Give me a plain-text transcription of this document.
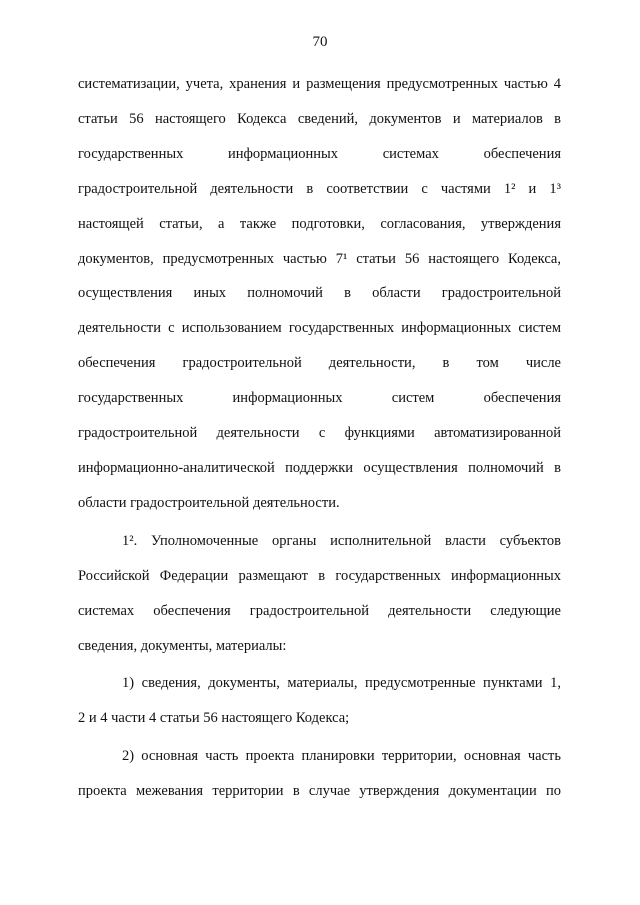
70

систематизации, учета, хранения и размещения предусмотренных частью 4
статьи 56 настоящего Кодекса сведений, документов и материалов в
государственных информационных системах обеспечения
градостроительной деятельности в соответствии с частями 1² и 1³
настоящей статьи, а также подготовки, согласования, утверждения
документов, предусмотренных частью 7¹ статьи 56 настоящего Кодекса,
осуществления иных полномочий в области градостроительной
деятельности с использованием государственных информационных систем
обеспечения градостроительной деятельности, в том числе
государственных информационных систем обеспечения
градостроительной деятельности с функциями автоматизированной
информационно-аналитической поддержки осуществления полномочий в
области градостроительной деятельности.

1². Уполномоченные органы исполнительной власти субъектов
Российской Федерации размещают в государственных информационных
системах обеспечения градостроительной деятельности следующие
сведения, документы, материалы:

1) сведения, документы, материалы, предусмотренные пунктами 1,
2 и 4 части 4 статьи 56 настоящего Кодекса;

2) основная часть проекта планировки территории, основная часть
проекта межевания территории в случае утверждения документации по
